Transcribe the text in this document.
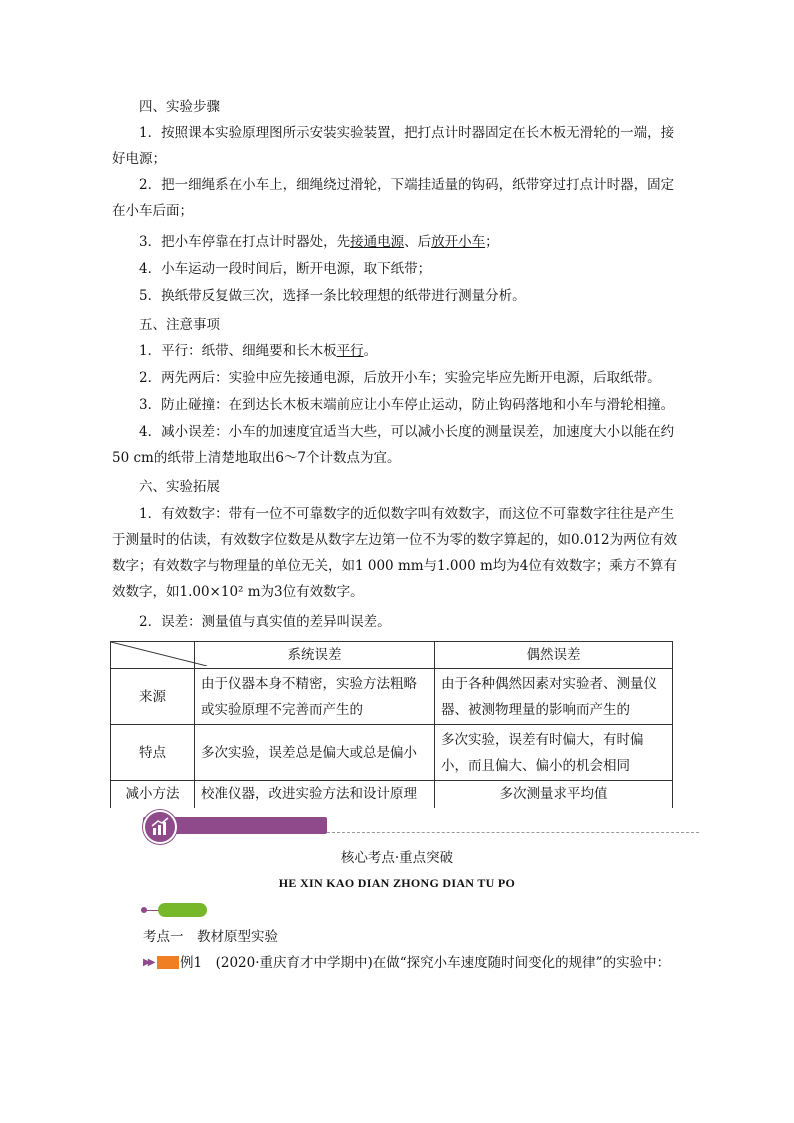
四、实验步骤

1．按照课本实验原理图所示安装实验装置，把打点计时器固定在长木板无滑轮的一端，接好电源；

2．把一细绳系在小车上，细绳绕过滑轮，下端挂适量的钩码，纸带穿过打点计时器，固定在小车后面；

3．把小车停靠在打点计时器处，先接通电源、后放开小车；

4．小车运动一段时间后，断开电源，取下纸带；

5．换纸带反复做三次，选择一条比较理想的纸带进行测量分析。

五、注意事项

1．平行：纸带、细绳要和长木板平行。

2．两先两后：实验中应先接通电源，后放开小车；实验完毕应先断开电源，后取纸带。

3．防止碰撞：在到达长木板末端前应让小车停止运动，防止钩码落地和小车与滑轮相撞。

4．减小误差：小车的加速度宜适当大些，可以减小长度的测量误差，加速度大小以能在约50 cm的纸带上清楚地取出6～7个计数点为宜。

六、实验拓展

1．有效数字：带有一位不可靠数字的近似数字叫有效数字，而这位不可靠数字往往是产生于测量时的估读，有效数字位数是从数字左边第一位不为零的数字算起的，如0.012为两位有效数字；有效数字与物理量的单位无关，如1 000 mm与1.000 m均为4位有效数字；乘方不算有效数字，如1.00×10² m为3位有效数字。

2．误差：测量值与真实值的差异叫误差。

	系统误差	偶然误差
来源	由于仪器本身不精密，实验方法粗略或实验原理不完善而产生的	由于各种偶然因素对实验者、测量仪器、被测物理量的影响而产生的
特点	多次实验，误差总是偏大或总是偏小	多次实验，误差有时偏大，有时偏小，而且偏大、偏小的机会相同
减小方法	校准仪器，改进实验方法和设计原理	多次测量求平均值

核心考点·重点突破

HE XIN KAO DIAN ZHONG DIAN TU PO

考点一　教材原型实验

▶▶ 例1　(2020·重庆育才中学期中)在做“探究小车速度随时间变化的规律”的实验中：
